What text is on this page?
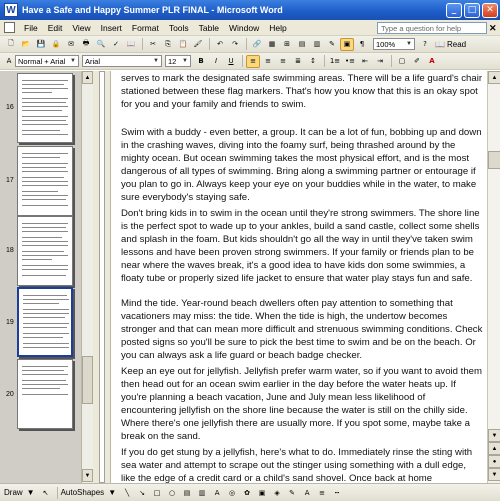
W Have a Safe and Happy Summer PLR FINAL - Microsoft Word	_	□	✕
File	Edit	View	Insert	Format	Tools	Table	Window	Help	Type a question for help	✕
🗋	📂 💾 🔒	✉	🖶	🔍	✓	📖	✂	⎘	📋 🖌	↶	↷	🔗	▦	⊞	▤	▥	✎	▣	¶	100% ▼	?	📖 Read
A Normal + Arial ▼ Arial	▼ 12 ▼ B I U	≡	≡	≡	≣	↕	1≡ •≡	⇤	⇥	▢	✐	A
16
17
18
19
20
▲
▼
serves to mark the designated safe swimming areas. There will be a life guard's chair stationed between these flag markers. That's how you know that this is an okay spot for you and your family and friends to swim.
Swim with a buddy - even better, a group. It can be a lot of fun, bobbing up and down in the crashing waves, diving into the foamy surf, being thrashed around by the mighty ocean. But ocean swimming takes the most physical effort, and is the most dangerous of all types of swimming. Bring along a swimming partner or entourage if you plan to go in. Always keep your eye on your buddies while in the water, to make sure everybody's staying safe.
Don't bring kids in to swim in the ocean until they're strong swimmers. The shore line is the perfect spot to wade up to your ankles, build a sand castle, collect some shells and splash in the foam. But kids shouldn't go all the way in until they've taken swim lessons and have been proven strong swimmers. If your family or friends plan to be near where the waves break, it's a good idea to have kids don some swimmies, a floaty tube or properly sized life jacket to ensure that water play stays fun and safe.
Mind the tide. Year-round beach dwellers often pay attention to something that vacationers may miss: the tide. When the tide is high, the undertow becomes stronger and that can mean more difficult and strenuous swimming conditions. Check posted signs so you'll be sure to pick the best time to swim and be on the beach. Or you can always ask a life guard or beach badge checker.
Keep an eye out for jellyfish. Jellyfish prefer warm water, so if you want to avoid them then head out for an ocean swim earlier in the day before the water heats up. If you're planning a beach vacation, June and July mean less likelihood of encountering jellyfish on the shore line because the water is still on the chilly side. Where there's one jellyfish there are usually more. If you spot some, maybe take a break on the sand.
If you do get stung by a jellyfish, here's what to do. Immediately rinse the sting with sea water and attempt to scrape out the stinger using something with a dull edge, like the edge of a credit card or a child's sand shovel. Once back at home
▲
▼
▲
●
▼
Draw ▼	↖	AutoShapes ▼	╲	↘	□	○	▤	▥	A	◎	✿	▣	◈	✎	A	≡	┅
